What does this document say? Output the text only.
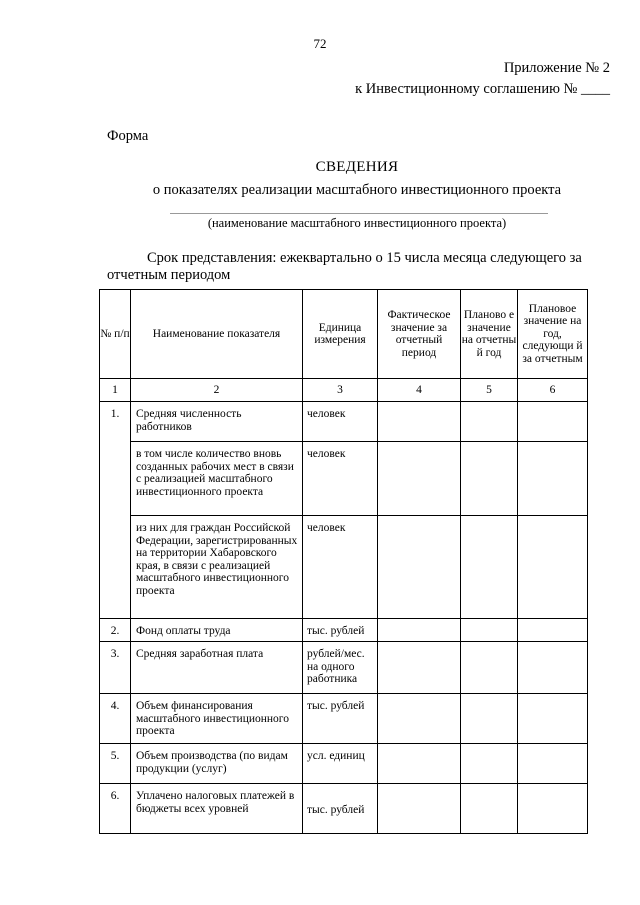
72
Приложение № 2
к Инвестиционному соглашению № ____
Форма
СВЕДЕНИЯ
о показателях реализации масштабного инвестиционного проекта
(наименование масштабного инвестиционного проекта)
Срок представления: ежеквартально о 15 числа месяца следующего за отчетным периодом
№ п/п	Наименование показателя	Единица измерения	Фактическое значение за отчетный период	Планово е значение на отчетны й год	Плановое значение на год, следующи й за отчетным
1	2	3	4	5	6
1.	Средняя численность работников	человек			
	в том числе количество вновь созданных рабочих мест в связи с реализацией масштабного инвестиционного проекта	человек			
	из них для граждан Российской Федерации, зарегистрированных на территории Хабаровского края, в связи с реализацией масштабного инвестиционного проекта	человек			
2.	Фонд оплаты труда	тыс. рублей			
3.	Средняя заработная плата	рублей/мес. на одного работника			
4.	Объем финансирования масштабного инвестиционного проекта	тыс. рублей			
5.	Объем производства (по видам продукции (услуг)	усл. единиц			
6.	Уплачено налоговых платежей в бюджеты всех уровней	тыс. рублей			
